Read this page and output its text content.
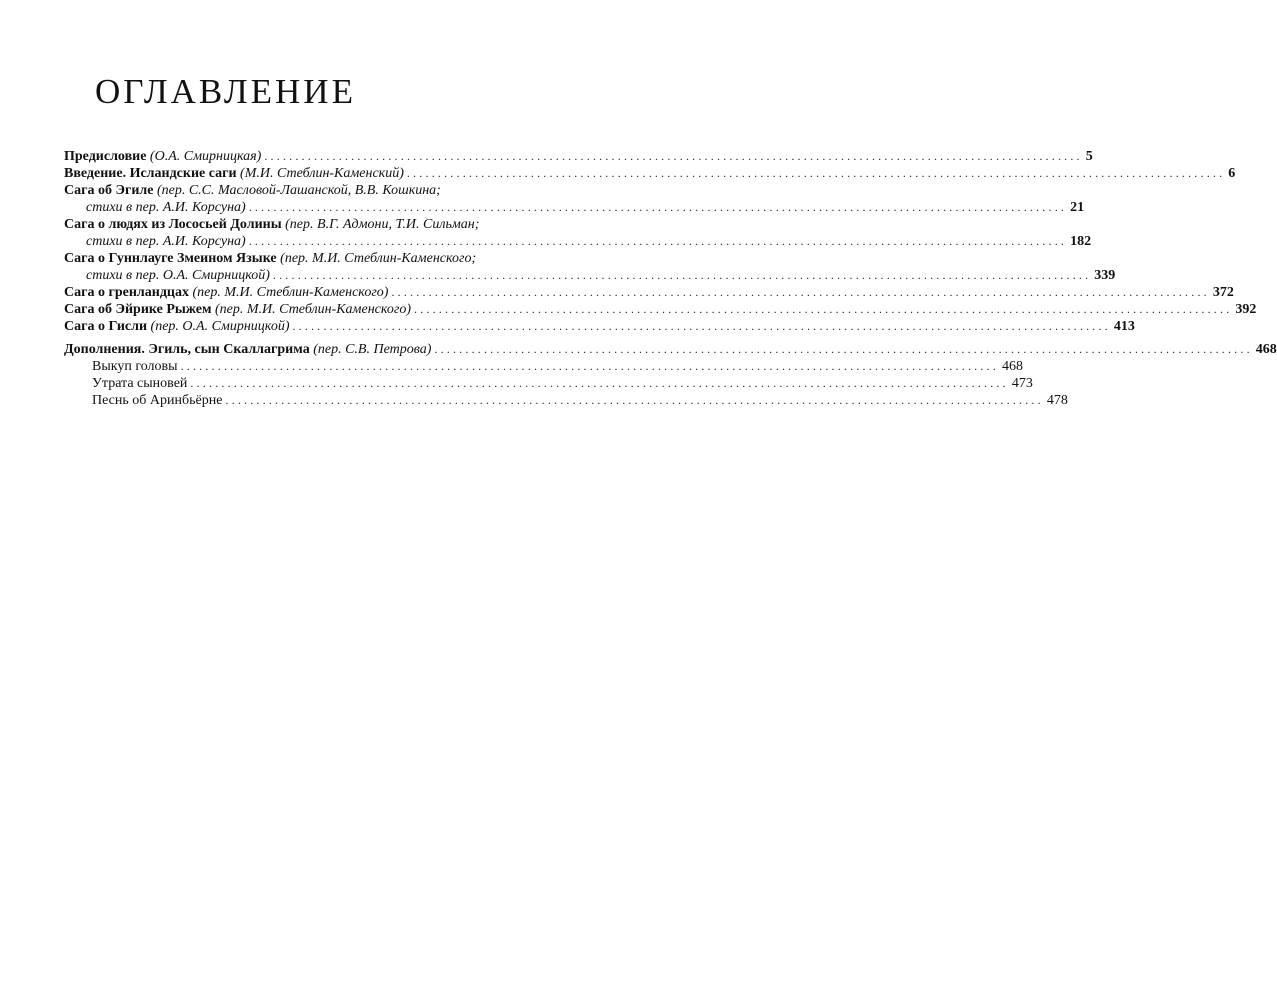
ОГЛАВЛЕНИЕ
Предисловие (О.А. Смирницкая) .................................................................................................................................... 5
Введение. Исландские саги (М.И. Стеблин-Каменский) .................................................................................................................................... 6
Сага об Эгиле (пер. С.С. Масловой-Лашанской, В.В. Кошкина;
стихи в пер. А.И. Корсуна) .................................................................................................................................... 21
Сага о людях из Лососьей Долины (пер. В.Г. Адмони, Т.И. Сильман;
стихи в пер. А.И. Корсуна) .................................................................................................................................... 182
Сага о Гуннлауге Змеином Языке (пер. М.И. Стеблин-Каменского;
стихи в пер. О.А. Смирницкой) .................................................................................................................................... 339
Сага о гренландцах (пер. М.И. Стеблин-Каменского) .................................................................................................................................... 372
Сага об Эйрике Рыжем (пер. М.И. Стеблин-Каменского) .................................................................................................................................... 392
Сага о Гисли (пер. О.А. Смирницкой) .................................................................................................................................... 413
Дополнения. Эгиль, сын Скаллагрима (пер. С.В. Петрова) .................................................................................................................................... 468
Выкуп головы .................................................................................................................................... 468
Утрата сыновей .................................................................................................................................... 473
Песнь об Аринбьёрне .................................................................................................................................... 478
